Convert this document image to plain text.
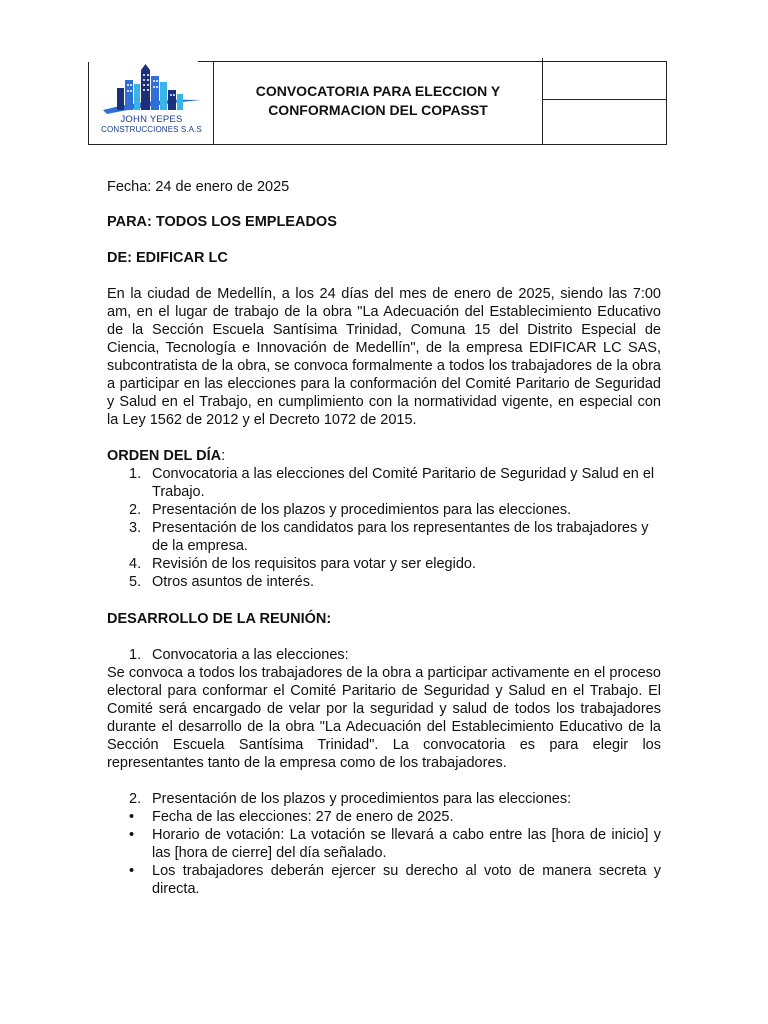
JOHN YEPES
CONSTRUCCIONES S.A.S
CONVOCATORIA PARA ELECCION Y CONFORMACION DEL COPASST

Fecha: 24 de enero de 2025

PARA: TODOS LOS EMPLEADOS

DE: EDIFICAR LC

En la ciudad de Medellín, a los 24 días del mes de enero de 2025, siendo las 7:00 am, en el lugar de trabajo de la obra "La Adecuación del Establecimiento Educativo de la Sección Escuela Santísima Trinidad, Comuna 15 del Distrito Especial de Ciencia, Tecnología e Innovación de Medellín", de la empresa EDIFICAR LC SAS, subcontratista de la obra, se convoca formalmente a todos los trabajadores de la obra a participar en las elecciones para la conformación del Comité Paritario de Seguridad y Salud en el Trabajo, en cumplimiento con la normatividad vigente, en especial con la Ley 1562 de 2012 y el Decreto 1072 de 2015.

ORDEN DEL DÍA:

1. Convocatoria a las elecciones del Comité Paritario de Seguridad y Salud en el Trabajo.
2. Presentación de los plazos y procedimientos para las elecciones.
3. Presentación de los candidatos para los representantes de los trabajadores y de la empresa.
4. Revisión de los requisitos para votar y ser elegido.
5. Otros asuntos de interés.

DESARROLLO DE LA REUNIÓN:

1. Convocatoria a las elecciones:

Se convoca a todos los trabajadores de la obra a participar activamente en el proceso electoral para conformar el Comité Paritario de Seguridad y Salud en el Trabajo. El Comité será encargado de velar por la seguridad y salud de todos los trabajadores durante el desarrollo de la obra "La Adecuación del Establecimiento Educativo de la Sección Escuela Santísima Trinidad". La convocatoria es para elegir los representantes tanto de la empresa como de los trabajadores.

2. Presentación de los plazos y procedimientos para las elecciones:
• Fecha de las elecciones: 27 de enero de 2025.
• Horario de votación: La votación se llevará a cabo entre las [hora de inicio] y las [hora de cierre] del día señalado.
• Los trabajadores deberán ejercer su derecho al voto de manera secreta y directa.
